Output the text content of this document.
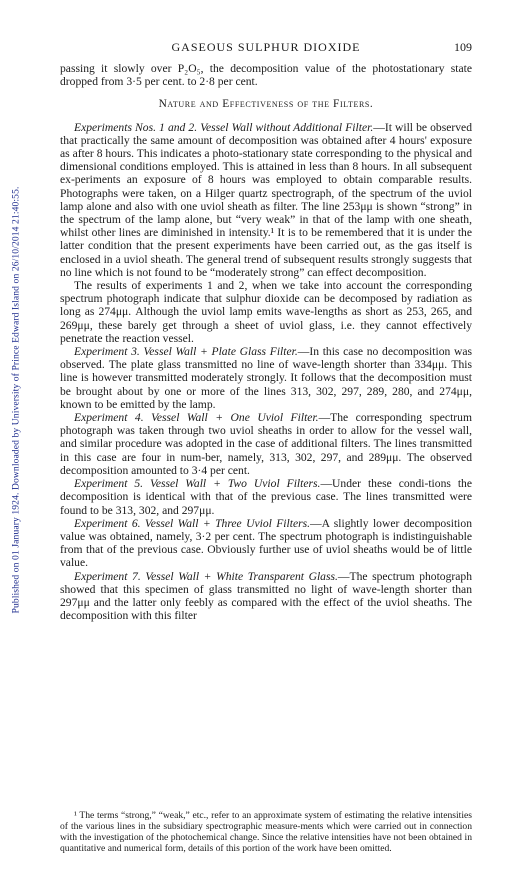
Published on 01 January 1924. Downloaded by University of Prince Edward Island on 26/10/2014 21:40:55.
GASEOUS SULPHUR DIOXIDE	109

passing it slowly over P₂O₅, the decomposition value of the photostationary state dropped from 3·5 per cent. to 2·8 per cent.

Nature and Effectiveness of the Filters.

Experiments Nos. 1 and 2. Vessel Wall without Additional Filter.—It will be observed that practically the same amount of decomposition was obtained after 4 hours' exposure as after 8 hours. This indicates a photo-stationary state corresponding to the physical and dimensional conditions employed. This is attained in less than 8 hours. In all subsequent ex-periments an exposure of 8 hours was employed to obtain comparable results. Photographs were taken, on a Hilger quartz spectrograph, of the spectrum of the uviol lamp alone and also with one uviol sheath as filter. The line 253μμ is shown “strong” in the spectrum of the lamp alone, but “very weak” in that of the lamp with one sheath, whilst other lines are diminished in intensity.¹ It is to be remembered that it is under the latter condition that the present experiments have been carried out, as the gas itself is enclosed in a uviol sheath. The general trend of subsequent results strongly suggests that no line which is not found to be “moderately strong” can effect decomposition.

The results of experiments 1 and 2, when we take into account the corresponding spectrum photograph indicate that sulphur dioxide can be decomposed by radiation as long as 274μμ. Although the uviol lamp emits wave-lengths as short as 253, 265, and 269μμ, these barely get through a sheet of uviol glass, i.e. they cannot effectively penetrate the reaction vessel.

Experiment 3. Vessel Wall + Plate Glass Filter.—In this case no decomposition was observed. The plate glass transmitted no line of wave-length shorter than 334μμ. This line is however transmitted moderately strongly. It follows that the decomposition must be brought about by one or more of the lines 313, 302, 297, 289, 280, and 274μμ, known to be emitted by the lamp.

Experiment 4. Vessel Wall + One Uviol Filter.—The corresponding spectrum photograph was taken through two uviol sheaths in order to allow for the vessel wall, and similar procedure was adopted in the case of additional filters. The lines transmitted in this case are four in num-ber, namely, 313, 302, 297, and 289μμ. The observed decomposition amounted to 3·4 per cent.

Experiment 5. Vessel Wall + Two Uviol Filters.—Under these condi-tions the decomposition is identical with that of the previous case. The lines transmitted were found to be 313, 302, and 297μμ.

Experiment 6. Vessel Wall + Three Uviol Filters.—A slightly lower decomposition value was obtained, namely, 3·2 per cent. The spectrum photograph is indistinguishable from that of the previous case. Obviously further use of uviol sheaths would be of little value.

Experiment 7. Vessel Wall + White Transparent Glass.—The spectrum photograph showed that this specimen of glass transmitted no light of wave-length shorter than 297μμ and the latter only feebly as compared with the effect of the uviol sheaths. The decomposition with this filter

¹ The terms “strong,” “weak,” etc., refer to an approximate system of estimating the relative intensities of the various lines in the subsidiary spectrographic measure-ments which were carried out in connection with the investigation of the photochemical change. Since the relative intensities have not been obtained in quantitative and numerical form, details of this portion of the work have been omitted.
